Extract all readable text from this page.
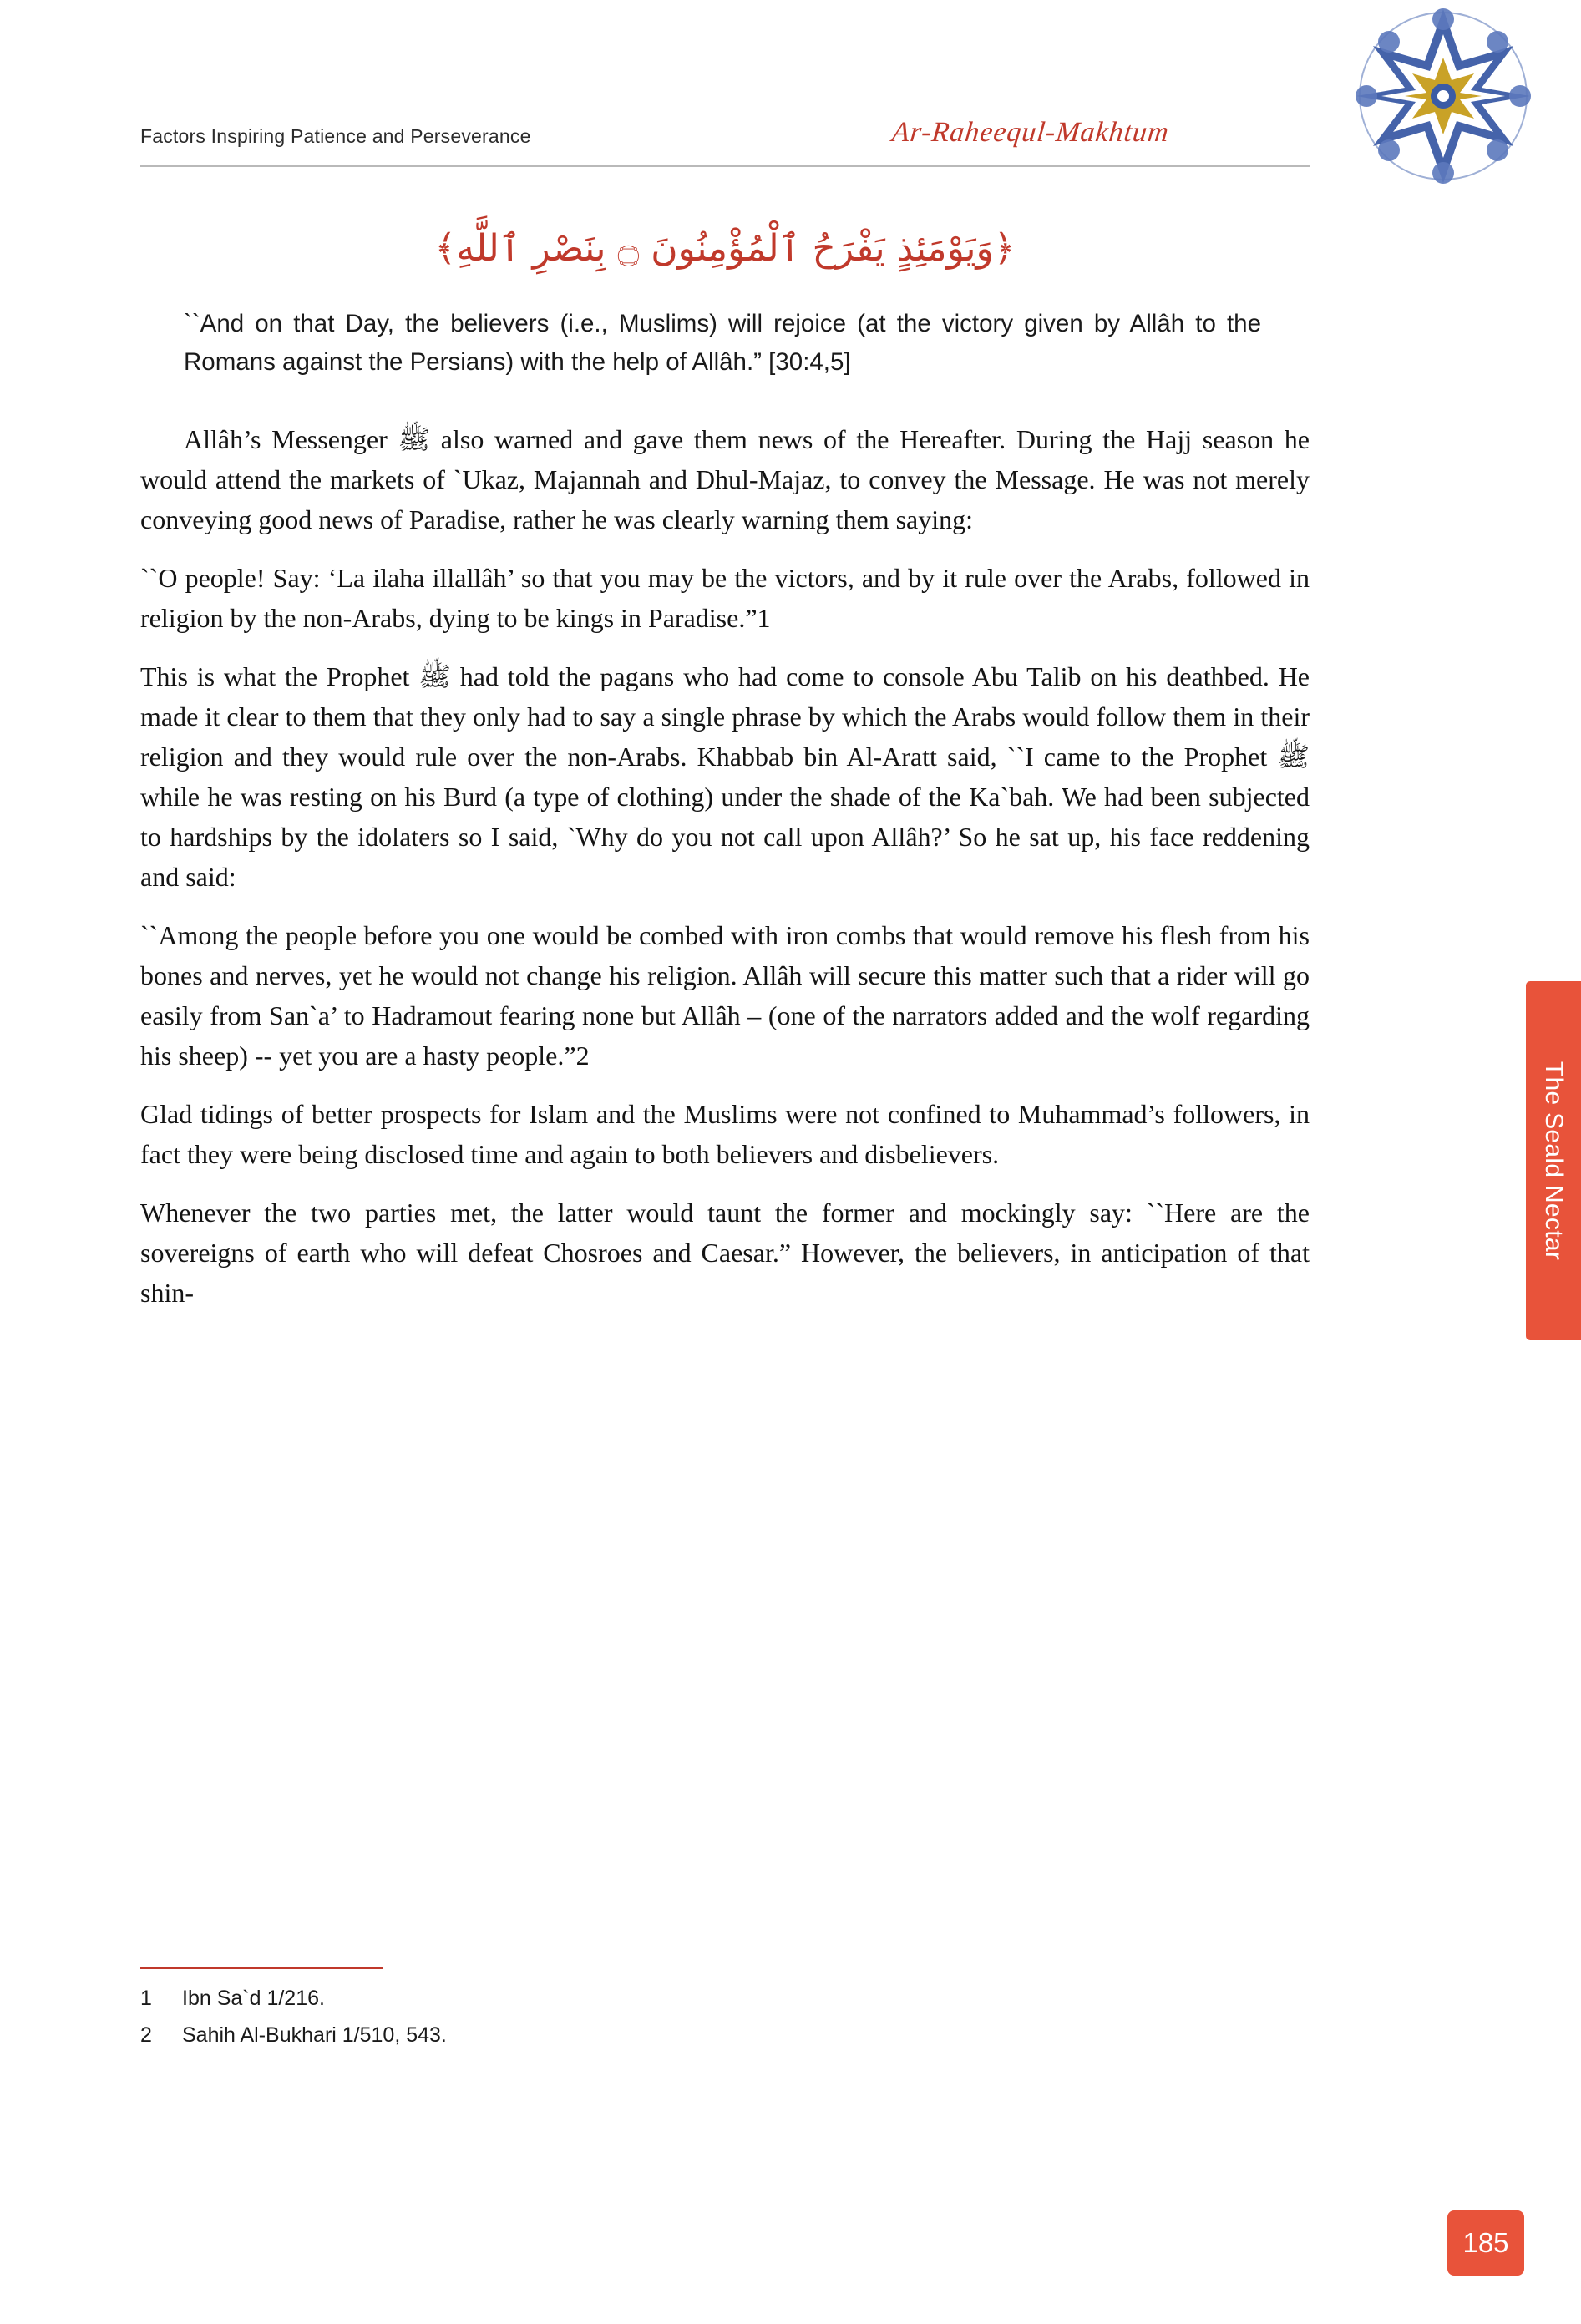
Factors Inspiring Patience and Perseverance	Ar-Raheequl-Makhtum
The Seald Nectar
﴿وَيَوْمَئِذٍ يَفْرَحُ ٱلْمُؤْمِنُونَ ۝ بِنَصْرِ ٱللَّهِ﴾
``And on that Day, the believers (i.e., Muslims) will rejoice (at the victory given by Allâh to the Romans against the Persians) with the help of Allâh.” [30:4,5]

Allâh’s Messenger ﷺ also warned and gave them news of the Hereafter. During the Hajj season he would attend the markets of `Ukaz, Majannah and Dhul-Majaz, to convey the Message. He was not merely conveying good news of Paradise, rather he was clearly warning them saying:

``O people! Say: ‘La ilaha illallâh’ so that you may be the victors, and by it rule over the Arabs, followed in religion by the non-Arabs, dying to be kings in Paradise.”1

This is what the Prophet ﷺ had told the pagans who had come to console Abu Talib on his deathbed. He made it clear to them that they only had to say a single phrase by which the Arabs would follow them in their religion and they would rule over the non-Arabs. Khabbab bin Al-Aratt said, ``I came to the Prophet ﷺ while he was resting on his Burd (a type of clothing) under the shade of the Ka`bah. We had been subjected to hardships by the idolaters so I said, `Why do you not call upon Allâh?’ So he sat up, his face reddening and said:

``Among the people before you one would be combed with iron combs that would remove his flesh from his bones and nerves, yet he would not change his religion. Allâh will secure this matter such that a rider will go easily from San`a’ to Hadramout fearing none but Allâh – (one of the narrators added and the wolf regarding his sheep) -- yet you are a hasty people.”2

Glad tidings of better prospects for Islam and the Muslims were not confined to Muhammad’s followers, in fact they were being disclosed time and again to both believers and disbelievers.

Whenever the two parties met, the latter would taunt the former and mockingly say: ``Here are the sovereigns of earth who will defeat Chosroes and Caesar.” However, the believers, in anticipation of that shin-

1	Ibn Sa`d 1/216.
2	Sahih Al-Bukhari 1/510, 543.
185
